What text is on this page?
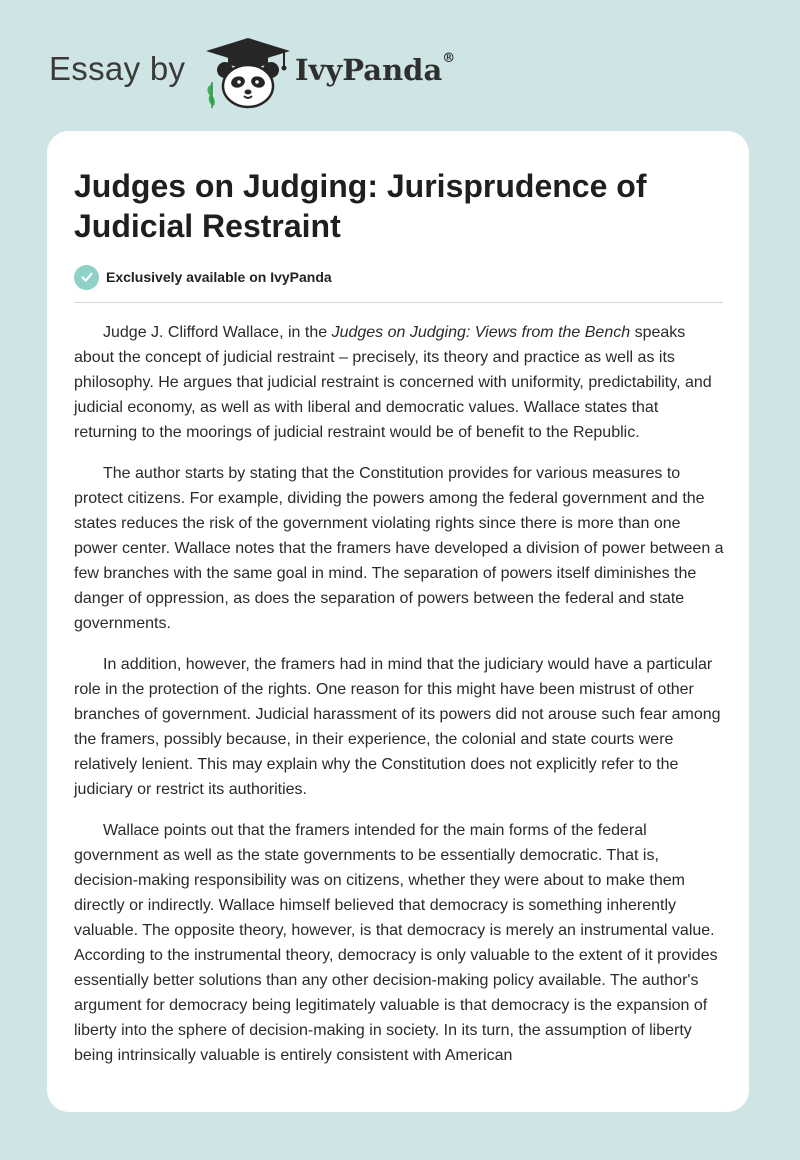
Essay by	IvyPanda®
Judges on Judging: Jurisprudence of Judicial Restraint
Exclusively available on IvyPanda

Judge J. Clifford Wallace, in the Judges on Judging: Views from the Bench speaks about the concept of judicial restraint – precisely, its theory and practice as well as its philosophy. He argues that judicial restraint is concerned with uniformity, predictability, and judicial economy, as well as with liberal and democratic values. Wallace states that returning to the moorings of judicial restraint would be of benefit to the Republic.

The author starts by stating that the Constitution provides for various measures to protect citizens. For example, dividing the powers among the federal government and the states reduces the risk of the government violating rights since there is more than one power center. Wallace notes that the framers have developed a division of power between a few branches with the same goal in mind. The separation of powers itself diminishes the danger of oppression, as does the separation of powers between the federal and state governments.

In addition, however, the framers had in mind that the judiciary would have a particular role in the protection of the rights. One reason for this might have been mistrust of other branches of government. Judicial harassment of its powers did not arouse such fear among the framers, possibly because, in their experience, the colonial and state courts were relatively lenient. This may explain why the Constitution does not explicitly refer to the judiciary or restrict its authorities.

Wallace points out that the framers intended for the main forms of the federal government as well as the state governments to be essentially democratic. That is, decision-making responsibility was on citizens, whether they were about to make them directly or indirectly. Wallace himself believed that democracy is something inherently valuable. The opposite theory, however, is that democracy is merely an instrumental value. According to the instrumental theory, democracy is only valuable to the extent of it provides essentially better solutions than any other decision-making policy available. The author's argument for democracy being legitimately valuable is that democracy is the expansion of liberty into the sphere of decision-making in society. In its turn, the assumption of liberty being intrinsically valuable is entirely consistent with American
